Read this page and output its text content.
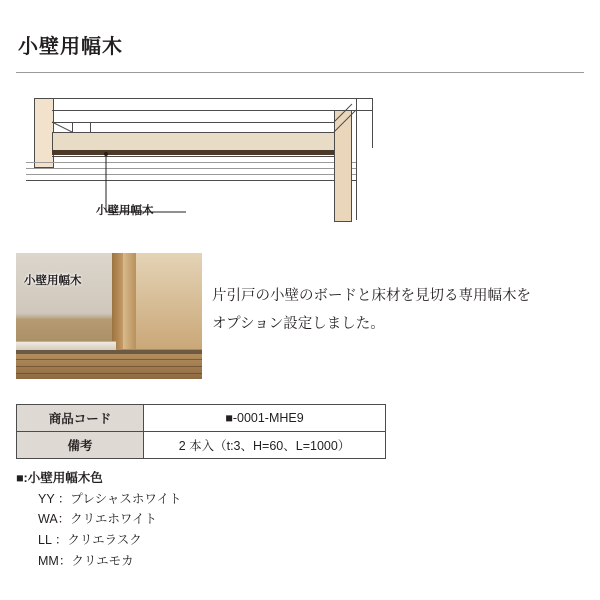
小壁用幅木
小壁用幅木
小壁用幅木
片引戸の小壁のボードと床材を見切る専用幅木を
オプション設定しました。
商品コード	■-0001-MHE9
備考	2 本入（t:3、H=60、L=1000）
■:小壁用幅木色
YY ：プレシャスホワイト
WA：クリエホワイト
LL ：クリエラスク
MM：クリエモカ
